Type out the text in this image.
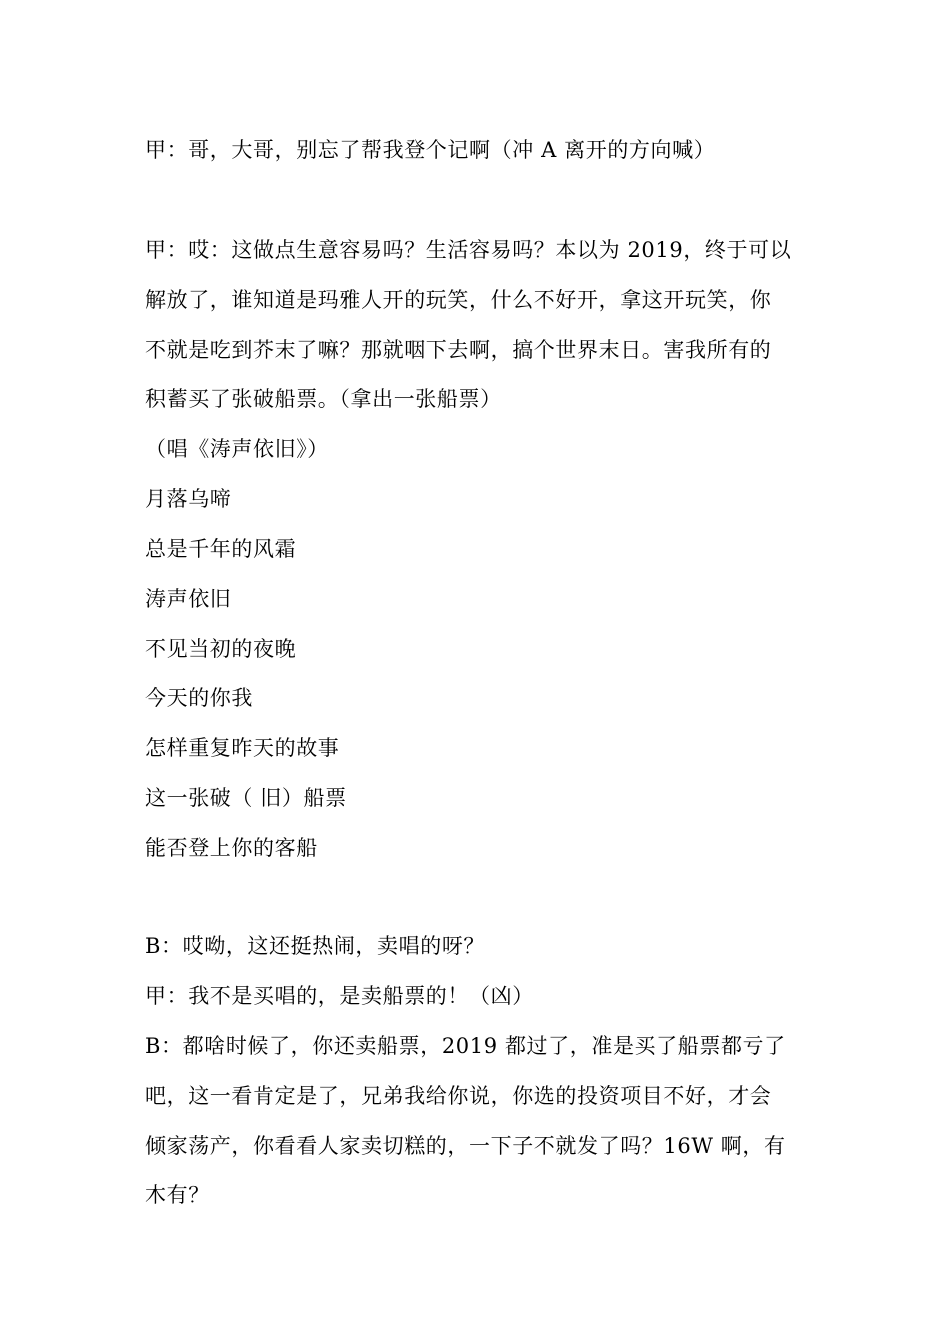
甲：哥，大哥，别忘了帮我登个记啊（冲 A 离开的方向喊）
甲：哎：这做点生意容易吗？生活容易吗？本以为 2019，终于可以
解放了，谁知道是玛雅人开的玩笑，什么不好开，拿这开玩笑，你
不就是吃到芥末了嘛？那就咽下去啊，搞个世界末日。害我所有的
积蓄买了张破船票。（拿出一张船票）
（唱《涛声依旧》）
月落乌啼
总是千年的风霜
涛声依旧
不见当初的夜晚
今天的你我
怎样重复昨天的故事
这一张破（ 旧）船票
能否登上你的客船
B：哎呦，这还挺热闹，卖唱的呀？
甲：我不是买唱的，是卖船票的！（凶）
B：都啥时候了，你还卖船票，2019 都过了，准是买了船票都亏了
吧，这一看肯定是了，兄弟我给你说，你选的投资项目不好，才会
倾家荡产，你看看人家卖切糕的，一下子不就发了吗？16W 啊，有
木有？
